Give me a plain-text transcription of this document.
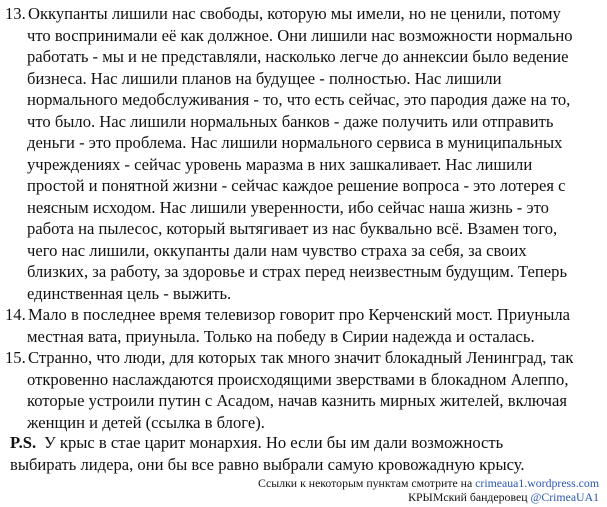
13. Оккупанты лишили нас свободы, которую мы имели, но не ценили, потому
что воспринимали её как должное. Они лишили нас возможности нормально
работать - мы и не представляли, насколько легче до аннексии было ведение
бизнеса. Нас лишили планов на будущее - полностью. Нас лишили
нормального медобслуживания - то, что есть сейчас, это пародия даже на то,
что было. Нас лишили нормальных банков - даже получить или отправить
деньги - это проблема. Нас лишили нормального сервиса в муниципальных
учреждениях - сейчас уровень маразма в них зашкаливает. Нас лишили
простой и понятной жизни - сейчас каждое решение вопроса - это лотерея с
неясным исходом. Нас лишили уверенности, ибо сейчас наша жизнь - это
работа на пылесос, который вытягивает из нас буквально всё. Взамен того,
чего нас лишили, оккупанты дали нам чувство страха за себя, за своих
близких, за работу, за здоровье и страх перед неизвестным будущим. Теперь
единственная цель - выжить.
14. Мало в последнее время телевизор говорит про Керченский мост. Приуныла
местная вата, приуныла. Только на победу в Сирии надежда и осталась.
15. Странно, что люди, для которых так много значит блокадный Ленинград, так
откровенно наслаждаются происходящими зверствами в блокадном Алеппо,
которые устроили путин с Асадом, начав казнить мирных жителей, включая
женщин и детей (ссылка в блоге).
P.S. У крыс в стае царит монархия. Но если бы им дали возможность
выбирать лидера, они бы все равно выбрали самую кровожадную крысу.
Ссылки к некоторым пунктам смотрите на crimeaua1.wordpress.com
КРЫМский бандеровец @CrimeaUA1
